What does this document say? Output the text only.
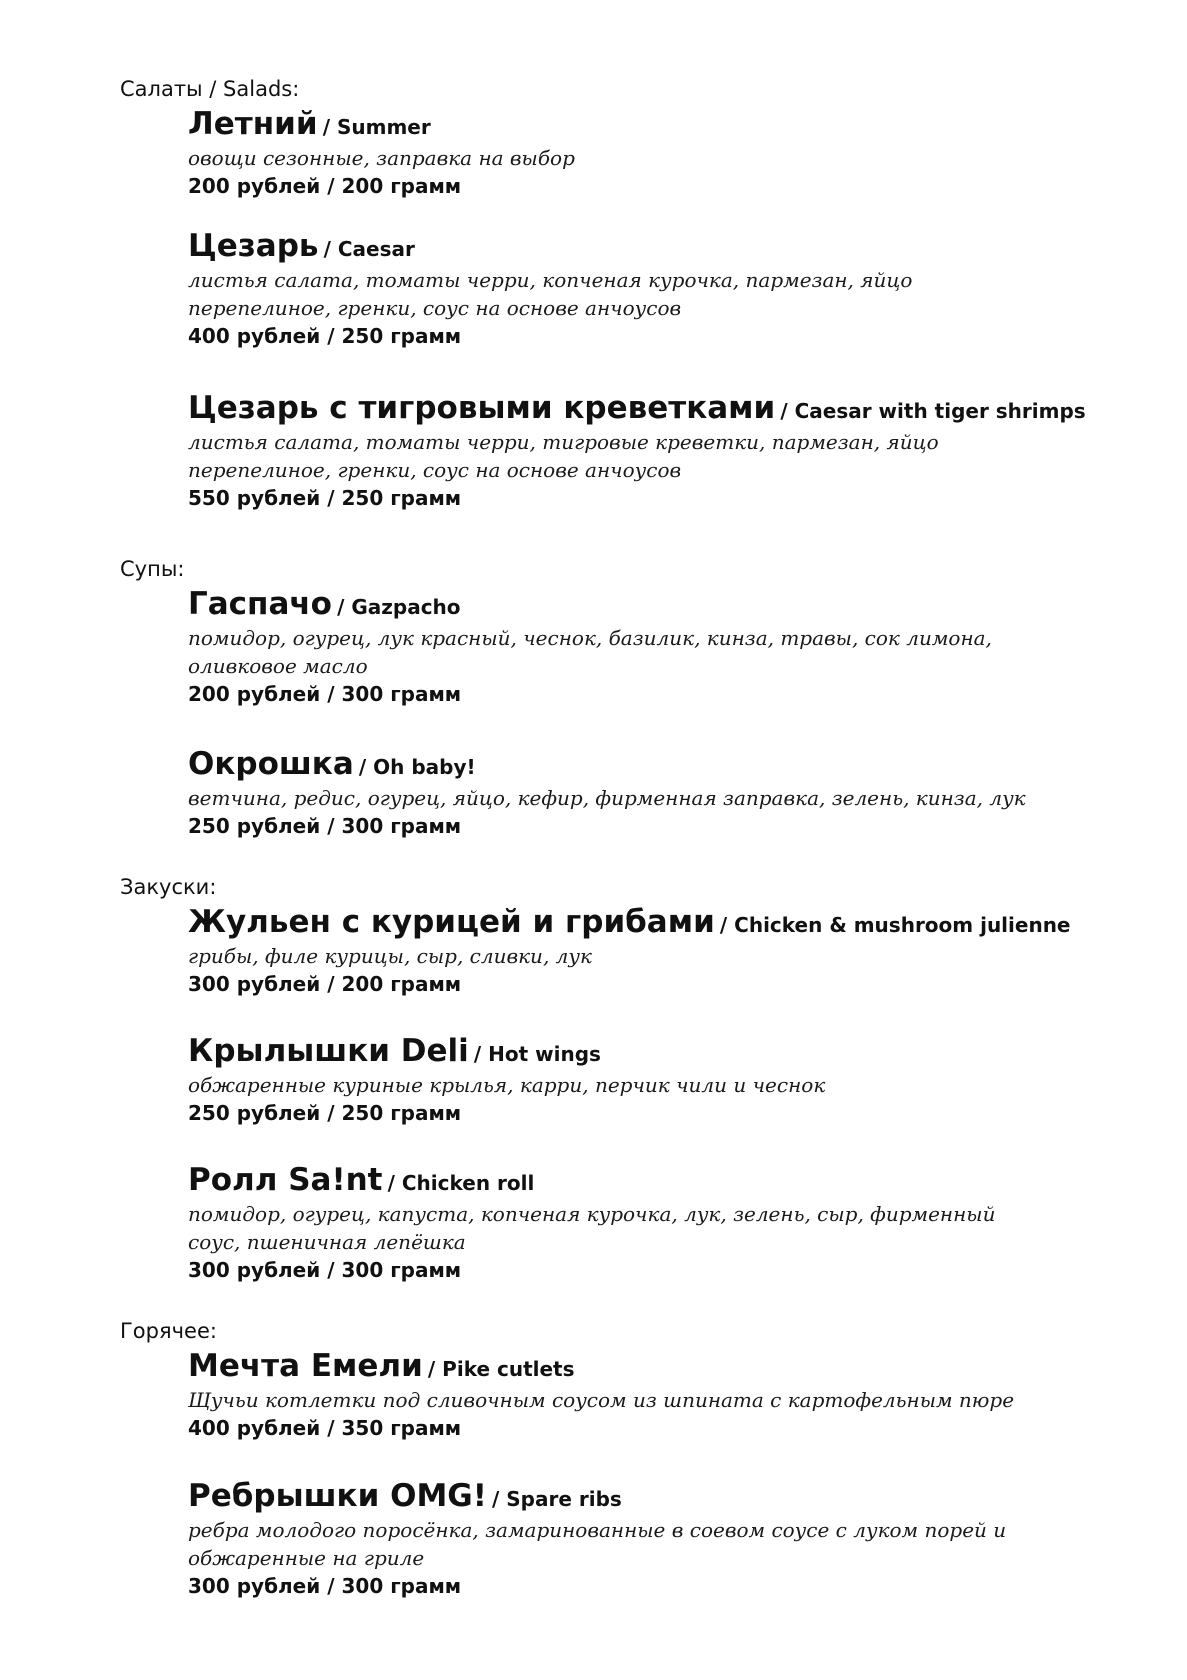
Салаты / Salads:

Летний / Summer

овощи сезонные, заправка на выбор

200 рублей / 200 грамм

Цезарь / Caesar

листья салата, томаты черри, копченая курочка, пармезан, яйцо перепелиное, гренки, соус на основе анчоусов

400 рублей / 250 грамм

Цезарь с тигровыми креветками / Caesar with tiger shrimps

листья салата, томаты черри, тигровые креветки, пармезан, яйцо перепелиное, гренки, соус на основе анчоусов

550 рублей / 250 грамм

Супы:

Гаспачо / Gazpacho

помидор, огурец, лук красный, чеснок, базилик, кинза, травы, сок лимона, оливковое масло

200 рублей / 300 грамм

Окрошка / Oh baby!

ветчина, редис, огурец, яйцо, кефир, фирменная заправка, зелень, кинза, лук

250 рублей / 300 грамм

Закуски:

Жульен с курицей и грибами / Chicken & mushroom julienne

грибы, филе курицы, сыр, сливки, лук

300 рублей / 200 грамм

Крылышки Deli / Hot wings

обжаренные куриные крылья, карри, перчик чили и чеснок

250 рублей / 250 грамм

Ролл Sa!nt / Chicken roll

помидор, огурец, капуста, копченая курочка, лук, зелень, сыр, фирменный соус, пшеничная лепёшка

300 рублей / 300 грамм

Горячее:

Мечта Емели / Pike cutlets

Щучьи котлетки под сливочным соусом из шпината с картофельным пюре

400 рублей / 350 грамм

Ребрышки OMG! / Spare ribs

ребра молодого поросёнка, замаринованные в соевом соусе с луком порей и обжаренные на гриле

300 рублей / 300 грамм
